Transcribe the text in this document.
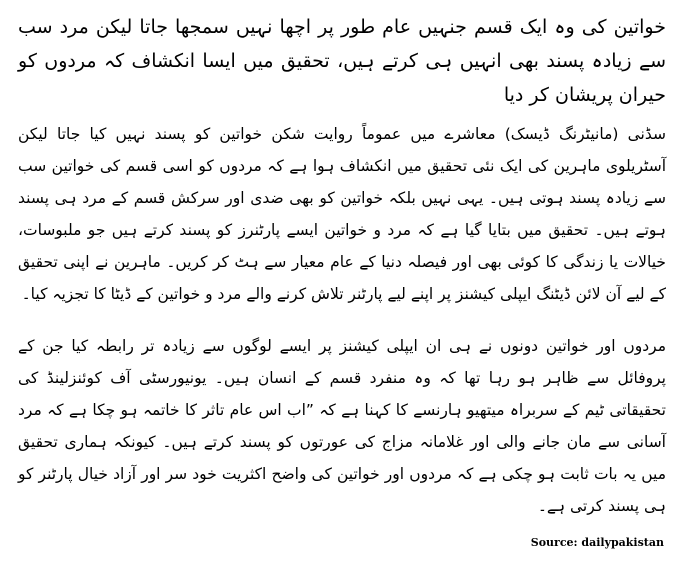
خواتین کی وہ ایک قسم جنہیں عام طور پر اچھا نہیں سمجھا جاتا لیکن مرد سب سے زیادہ پسند بھی انہیں ہی کرتے ہیں، تحقیق میں ایسا انکشاف کہ مردوں کو حیران پریشان کر دیا

سڈنی (مانیٹرنگ ڈیسک) معاشرے میں عموماً روایت شکن خواتین کو پسند نہیں کیا جاتا لیکن آسٹریلوی ماہرین کی ایک نئی تحقیق میں انکشاف ہوا ہے کہ مردوں کو اسی قسم کی خواتین سب سے زیادہ پسند ہوتی ہیں۔ یہی نہیں بلکہ خواتین کو بھی ضدی اور سرکش قسم کے مرد ہی پسند ہوتے ہیں۔ تحقیق میں بتایا گیا ہے کہ مرد و خواتین ایسے پارٹنرز کو پسند کرتے ہیں جو ملبوسات، خیالات یا زندگی کا کوئی بھی اور فیصلہ دنیا کے عام معیار سے ہٹ کر کریں۔ ماہرین نے اپنی تحقیق کے لیے آن لائن ڈیٹنگ ایپلی کیشنز پر اپنے لیے پارٹنر تلاش کرنے والے مرد و خواتین کے ڈیٹا کا تجزیہ کیا۔

مردوں اور خواتین دونوں نے ہی ان ایپلی کیشنز پر ایسے لوگوں سے زیادہ تر رابطہ کیا جن کے پروفائل سے ظاہر ہو رہا تھا کہ وہ منفرد قسم کے انسان ہیں۔ یونیورسٹی آف کوئنزلینڈ کی تحقیقاتی ٹیم کے سربراہ میتھیو ہارنسے کا کہنا ہے کہ ”اب اس عام تاثر کا خاتمہ ہو چکا ہے کہ مرد آسانی سے مان جانے والی اور غلامانہ مزاج کی عورتوں کو پسند کرتے ہیں۔ کیونکہ ہماری تحقیق میں یہ بات ثابت ہو چکی ہے کہ مردوں اور خواتین کی واضح اکثریت خود سر اور آزاد خیال پارٹنر کو ہی پسند کرتی ہے۔

Source: dailypakistan
